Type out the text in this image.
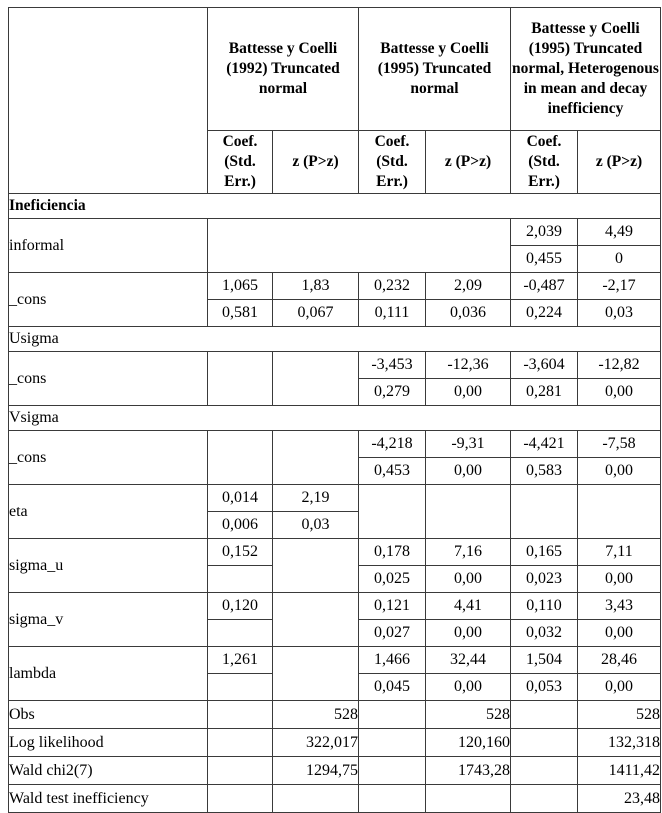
	Battesse y Coelli (1992) Truncated normal		Battesse y Coelli (1995) Truncated normal		Battesse y Coelli (1995) Truncated normal, Heterogenous in mean and decay inefficiency	
	Coef. (Std. Err.)	z (P>z)	Coef. (Std. Err.)	z (P>z)	Coef. (Std. Err.)	z (P>z)
Ineficiencia						
informal					2,039	4,49
					0,455	0
_cons	1,065	1,83	0,232	2,09	-0,487	-2,17
	0,581	0,067	0,111	0,036	0,224	0,03
Usigma						
_cons			-3,453	-12,36	-3,604	-12,82
			0,279	0,00	0,281	0,00
Vsigma						
_cons			-4,218	-9,31	-4,421	-7,58
			0,453	0,00	0,583	0,00
eta	0,014	2,19				
	0,006	0,03				
sigma_u	0,152		0,178	7,16	0,165	7,11
			0,025	0,00	0,023	0,00
sigma_v	0,120		0,121	4,41	0,110	3,43
			0,027	0,00	0,032	0,00
lambda	1,261		1,466	32,44	1,504	28,46
			0,045	0,00	0,053	0,00
Obs		528		528		528
Log likelihood		322,017		120,160		132,318
Wald chi2(7)		1294,75		1743,28		1411,42
Wald test inefficiency						23,48
